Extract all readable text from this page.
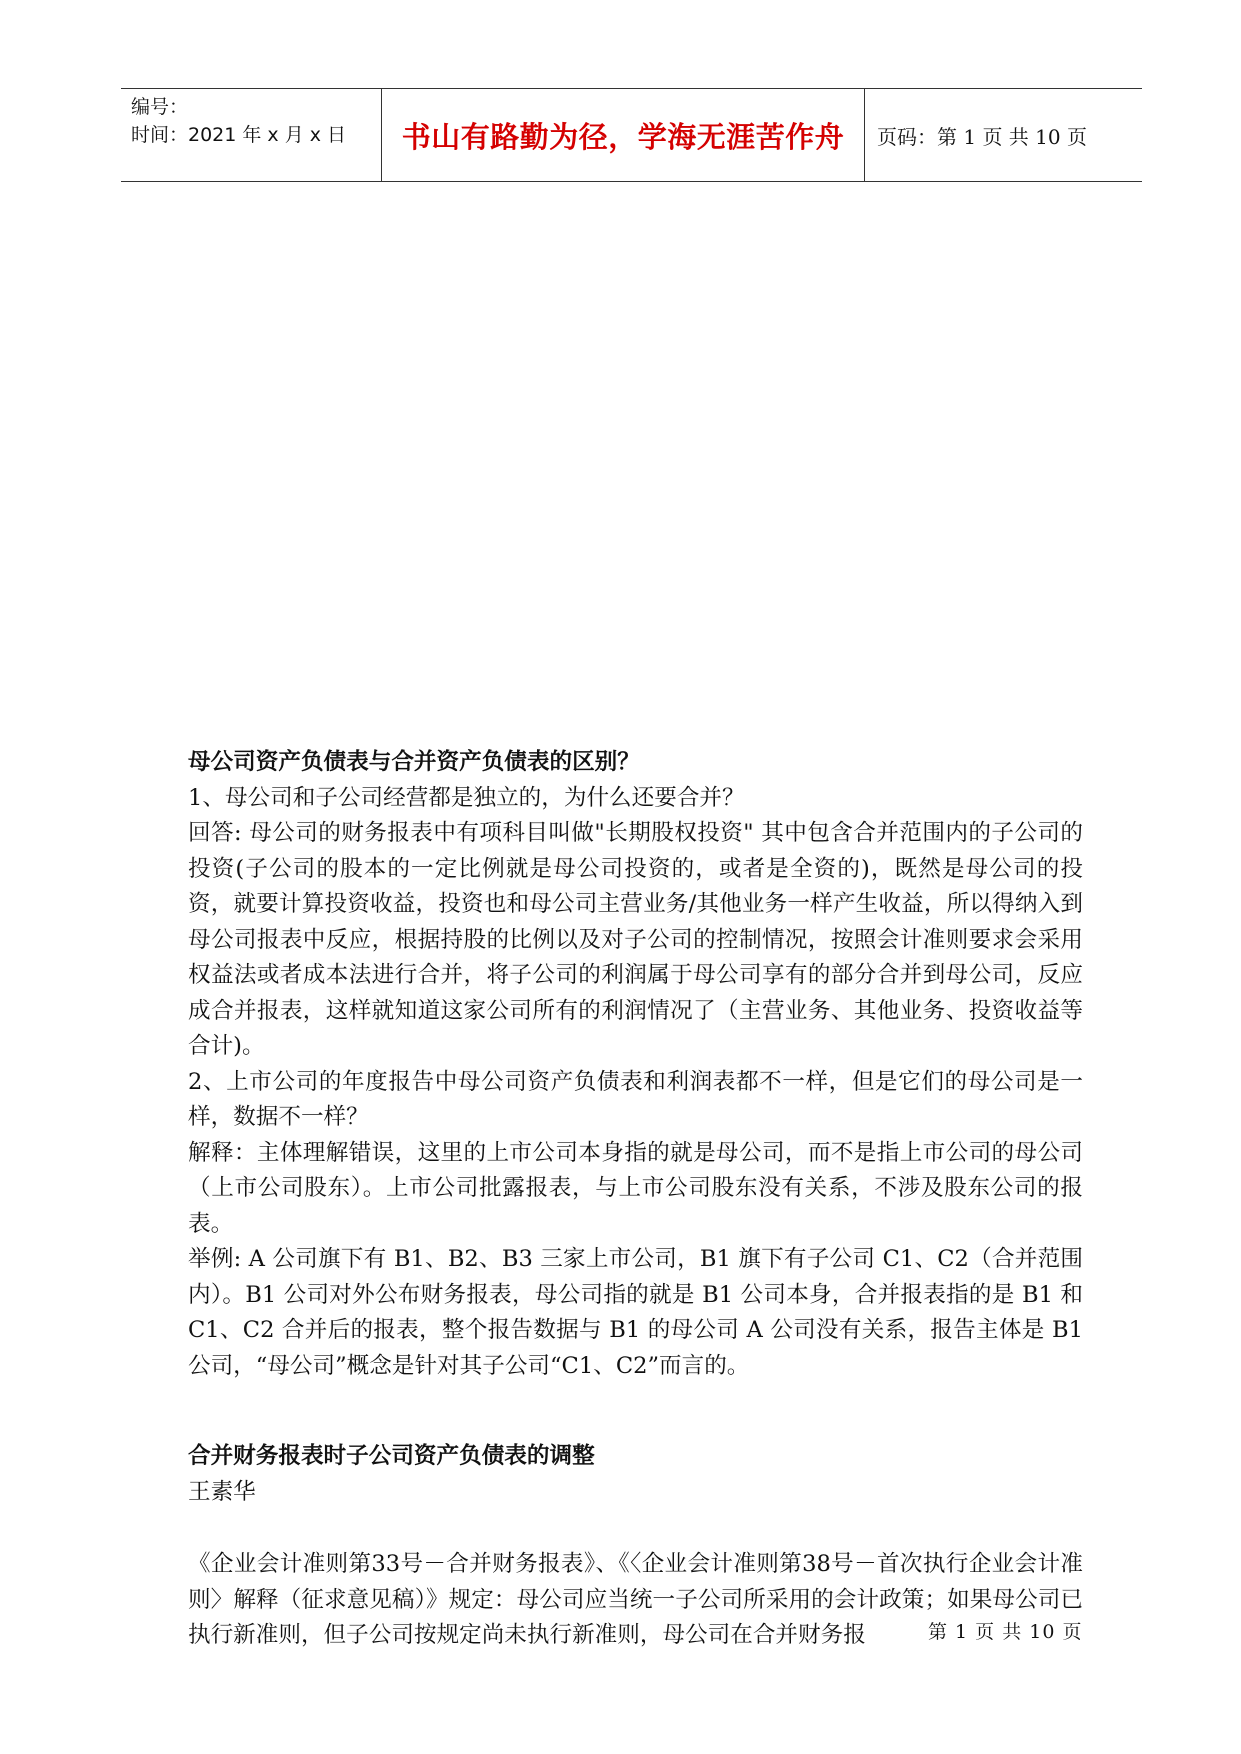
编号：
时间：2021 年 x 月 x 日	书山有路勤为径，学海无涯苦作舟	页码：第 1 页 共 10 页

母公司资产负债表与合并资产负债表的区别？

1、母公司和子公司经营都是独立的，为什么还要合并？

回答: 母公司的财务报表中有项科目叫做"长期股权投资" 其中包含合并范围内的子公司的投资(子公司的股本的一定比例就是母公司投资的，或者是全资的)，既然是母公司的投资，就要计算投资收益，投资也和母公司主营业务/其他业务一样产生收益，所以得纳入到母公司报表中反应，根据持股的比例以及对子公司的控制情况，按照会计准则要求会采用权益法或者成本法进行合并，将子公司的利润属于母公司享有的部分合并到母公司，反应成合并报表，这样就知道这家公司所有的利润情况了（主营业务、其他业务、投资收益等合计)。

2、上市公司的年度报告中母公司资产负债表和利润表都不一样，但是它们的母公司是一样，数据不一样？

解释：主体理解错误，这里的上市公司本身指的就是母公司，而不是指上市公司的母公司（上市公司股东）。上市公司批露报表，与上市公司股东没有关系，不涉及股东公司的报表。

举例: A 公司旗下有 B1、B2、B3 三家上市公司，B1 旗下有子公司 C1、C2（合并范围内）。B1 公司对外公布财务报表，母公司指的就是 B1 公司本身，合并报表指的是 B1 和 C1、C2 合并后的报表，整个报告数据与 B1 的母公司 A 公司没有关系，报告主体是 B1 公司，“母公司”概念是针对其子公司“C1、C2”而言的。

合并财务报表时子公司资产负债表的调整

王素华

《企业会计准则第33号－合并财务报表》、《〈企业会计准则第38号－首次执行企业会计准则〉解释（征求意见稿）》规定：母公司应当统一子公司所采用的会计政策；如果母公司已执行新准则，但子公司按规定尚未执行新准则，母公司在合并财务报	第 1 页 共 10 页
